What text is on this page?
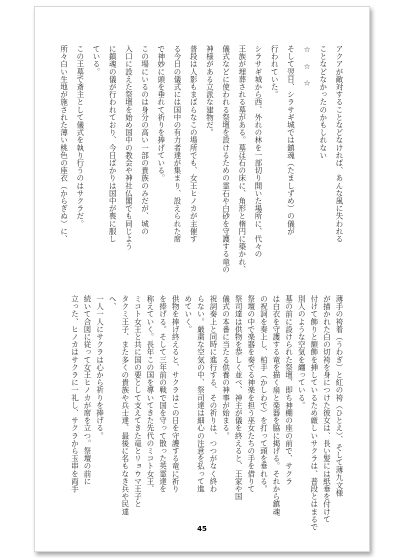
アクアが敵対することなどなければ、あんな風に失われる
ことなどなかったのかもしれない
☆　☆　☆
そして翌日、シラサギ城では鎮魂（たましずめ）の儀が
行われていた。
シラサギ城から西、外れの林を一部切り開いた場所に、代々の
王族が埋葬される墓がある。墓は石の床に、角形と楕円に築かれ、
儀式などに使われる祭壇を設けるための霊石や白砂を守護する竜の
神様がある立派な建物だ。
普段は人影もまばらなこの場所でも、女王ヒノカが主催す
る今日の儀式には国中の有力者達が集まり、設えられた席
で神妙に頭を垂れて祈りを捧げている。
この場にいるのは身分の高い一部の貴族のみだが、城の
入口に設えた祭壇を始め国中の教会や神社仏閣でも同じよう
に鎮魂の儀が行われており、今日ばかりは国中が喪に服し
ている。
この王墓で斎主として儀式を執り行うのはサクラだ。
所々白い生地が施された薄い桃色の座衣（からぎぬ）に、
薄手の袴着（うわぎ）と紅の袴（ひとえ）、そして薄九文様
が描かれた白の切袴を身につけた彼女は、長い髪には紙垂を付けて
付けて飾りと額飾を挿しているため厳しいサクラは、普段とはまるで
別人のような空気を纏っている。
墓の前に設けられた祭壇、即ち神棚の座の前で、サクラ
は白衣を守護する竜を描く扇と楽器を脇に掲げる。それから鎮魂
の祝詞を奏上し、柏手（かしわで）を打って頭を垂れる。
祭壇の中で楽器を奏でる神楽を担う巫女たちの手を借りて
祭司達は供物を恭しく並べ、神主が儀を終えると、王家や国
儀式の本番に当たる供養の神事が始まる。
祝詞奏上と同時に進行する、その祈りは、つつがなく終わ
らない。厳粛な空気の中、祭司達は細心の注意を払って進
めていく。
供物を捧げ終えると、サクラはこの日を守護する竜に祈り
を捧げる。そして三年前の戦で国を守って散った英霊達を
称えていく。長年この国を導いてきた先代のミコト女王、
ミコト女王と共に国の要として支えてきた竜とリョウマ王子と
タクミ王子、また多くの貴族や兵士達、最後に名もなき兵や民達
へ、
一人一人にサクラは心から祈りを捧げる。
続いて合図に従って女王ヒノカが席を立つ。祭壇の前に
立った、ヒノカはサクラに一礼し、サクラから玉串を両手
45
